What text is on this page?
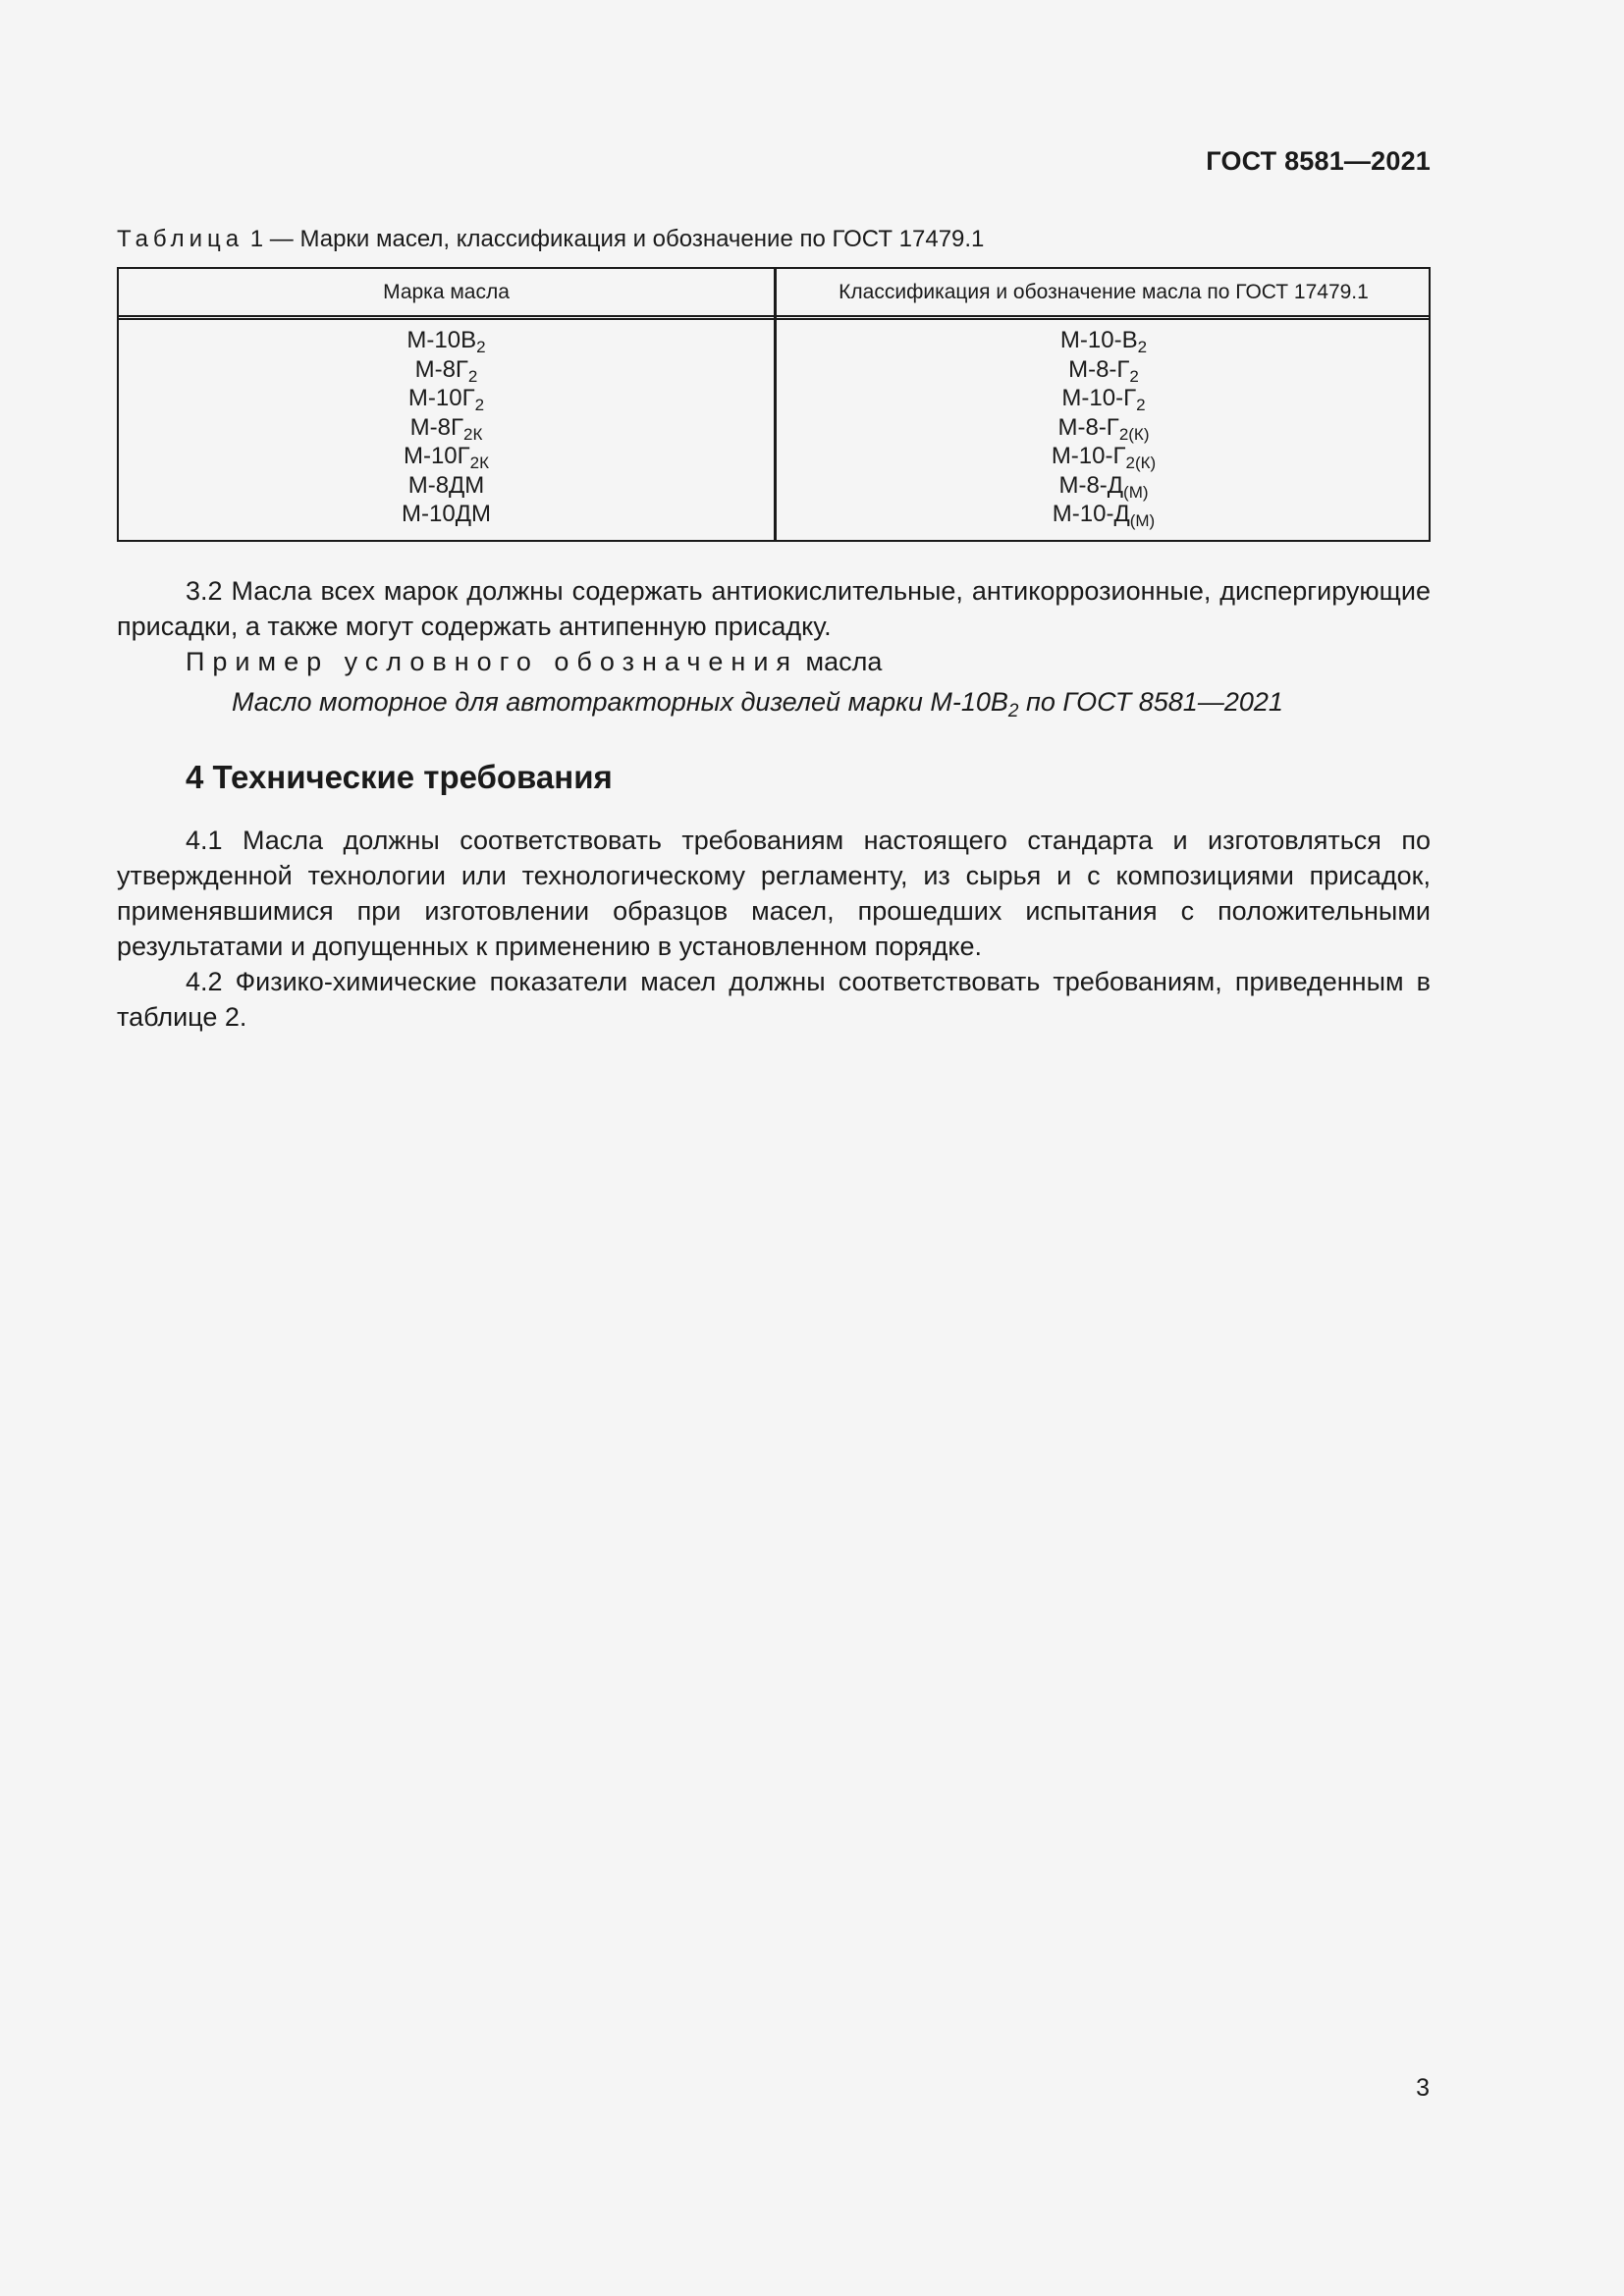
ГОСТ 8581—2021
Таблица 1 — Марки масел, классификация и обозначение по ГОСТ 17479.1
Марка масла	Классификация и обозначение масла по ГОСТ 17479.1
$М-10В_2$
$М-8Г_2$
$М-10Г_2$
$М-8Г_{2К}$
$М-10Г_{2К}$
М-8ДМ
М-10ДМ
$М-10-В_2$
$М-8-Г_2$
$М-10-Г_2$
$М-8-Г_{2(К)}$
$М-10-Г_{2(К)}$
$М-8-Д_{(М)}$
$М-10-Д_{(М)}$

3.2 Масла всех марок должны содержать антиокислительные, антикоррозионные, диспергирующие присадки, а также могут содержать антипенную присадку.

Пример условного обозначения масла
Масло моторное для автотракторных дизелей марки $М-10В_2$ по ГОСТ 8581—2021
4 Технические требования

4.1 Масла должны соответствовать требованиям настоящего стандарта и изготовляться по утвержденной технологии или технологическому регламенту, из сырья и с композициями присадок, применявшимися при изготовлении образцов масел, прошедших испытания с положительными результатами и допущенных к применению в установленном порядке.

4.2 Физико-химические показатели масел должны соответствовать требованиям, приведенным в таблице 2.

3
